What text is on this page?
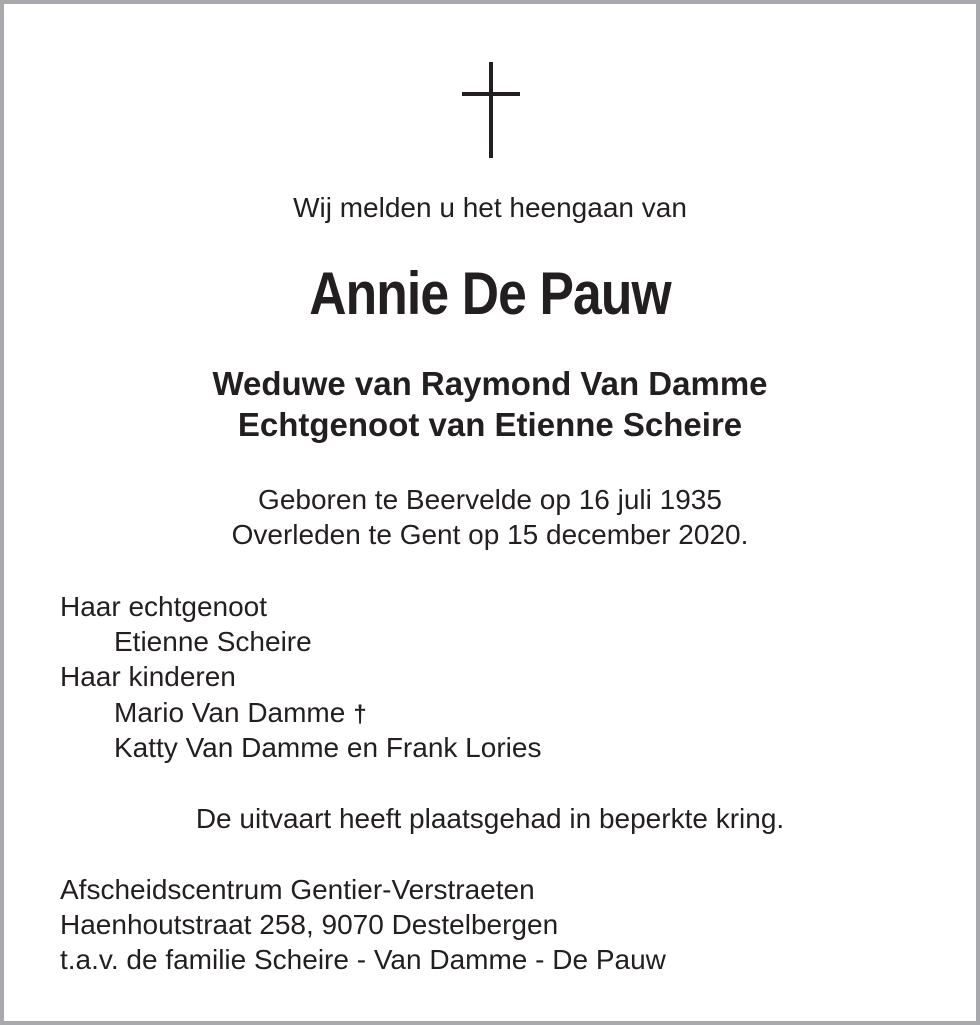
Wij melden u het heengaan van
Annie De Pauw
Weduwe van Raymond Van Damme
Echtgenoot van Etienne Scheire
Geboren te Beervelde op 16 juli 1935
Overleden te Gent op 15 december 2020.
Haar echtgenoot
Etienne Scheire
Haar kinderen
Mario Van Damme †
Katty Van Damme en Frank Lories
De uitvaart heeft plaatsgehad in beperkte kring.
Afscheidscentrum Gentier-Verstraeten
Haenhoutstraat 258, 9070 Destelbergen
t.a.v. de familie Scheire - Van Damme - De Pauw
